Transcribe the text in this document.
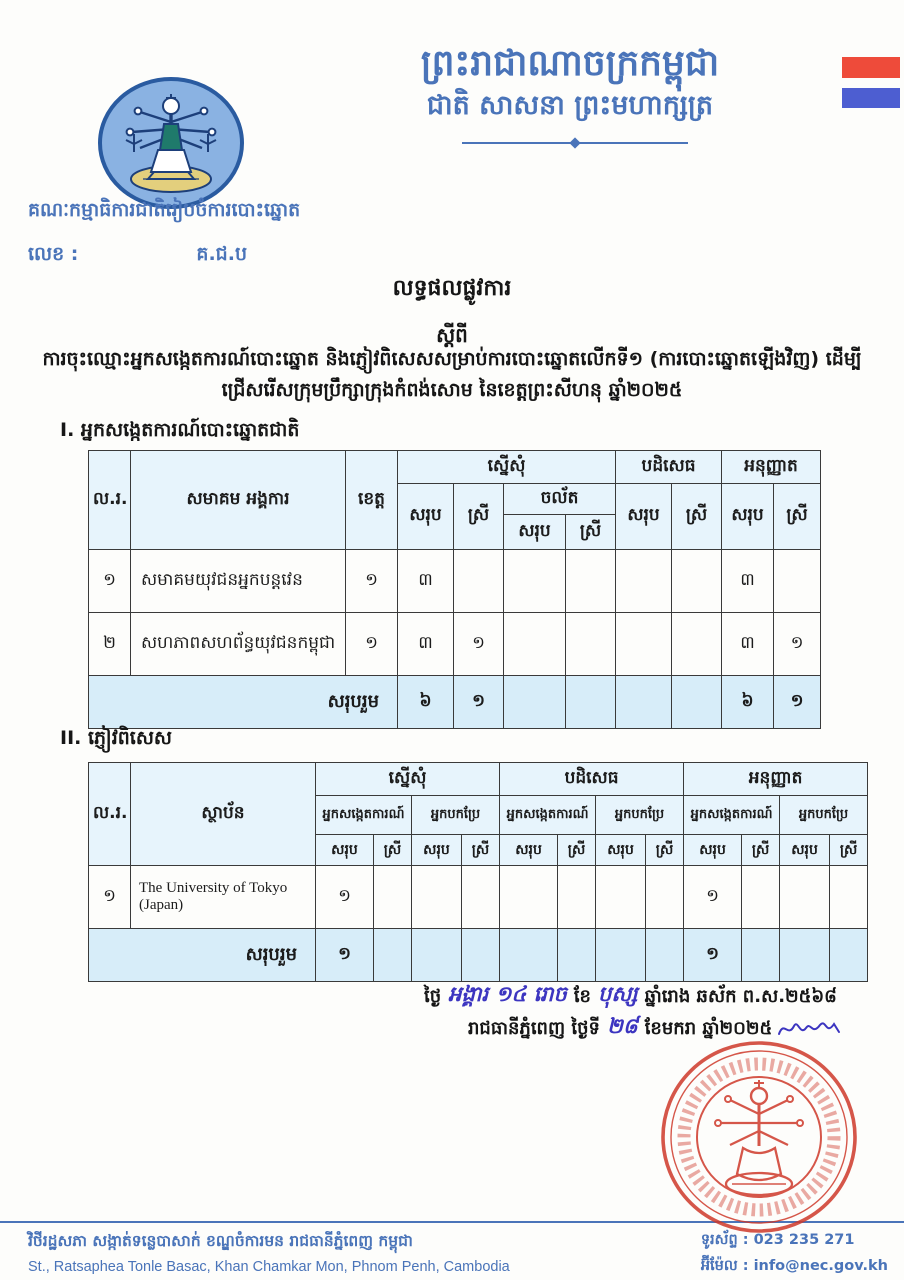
ព្រះរាជាណាចក្រកម្ពុជា
ជាតិ សាសនា ព្រះមហាក្សត្រ
គណៈកម្មាធិការជាតិរៀបចំការបោះឆ្នោត
លេខ :	គ.ជ.ប
លទ្ធផលផ្លូវការ
ស្តីពី
ការចុះឈ្មោះអ្នកសង្កេតការណ៍បោះឆ្នោត និងភ្ញៀវពិសេសសម្រាប់ការបោះឆ្នោតលើកទី១ (ការបោះឆ្នោតឡើងវិញ) ដើម្បីជ្រើសរើសក្រុមប្រឹក្សាក្រុងកំពង់សោម នៃខេត្តព្រះសីហនុ ឆ្នាំ២០២៥
I. អ្នកសង្កេតការណ៍បោះឆ្នោតជាតិ
ល.រ.	សមាគម អង្គការ	ខេត្ត	ស្នើសុំ				បដិសេធ		អនុញ្ញាត	
			សរុប	ស្រី	ចល័ត		សរុប	ស្រី	សរុប	ស្រី
					សរុប	ស្រី				
១	សមាគមយុវជនអ្នកបន្តវេន	១	៣						៣	
២	សហភាពសហព័ន្ធយុវជនកម្ពុជា	១	៣	១					៣	១
សរុបរួម			៦	១					៦	១
II. ភ្ញៀវពិសេស
ល.រ.	ស្ថាប័ន	ស្នើសុំ				បដិសេធ				អនុញ្ញាត			
		អ្នកសង្កេតការណ៍		អ្នកបកប្រែ		អ្នកសង្កេតការណ៍		អ្នកបកប្រែ		អ្នកសង្កេតការណ៍		អ្នកបកប្រែ	
		សរុប	ស្រី	សរុប	ស្រី	សរុប	ស្រី	សរុប	ស្រី	សរុប	ស្រី	សរុប	ស្រី
១	The University of Tokyo (Japan)	១								១			
សរុបរួម		១								១			
ថ្ងៃ អង្គារ ១៤ រោច ខែ បុស្ស ឆ្នាំរោង ឆស័ក ព.ស.២៥៦៨
រាជធានីភ្នំពេញ ថ្ងៃទី ២៨ ខែមករា ឆ្នាំ២០២៥
វិថីរដ្ឋសភា សង្កាត់ទន្លេបាសាក់ ខណ្ឌចំការមន រាជធានីភ្នំពេញ កម្ពុជា
St., Ratsaphea Tonle Basac, Khan Chamkar Mon, Phnom Penh, Cambodia
ទូរស័ព្ទ : 023 235 271
អ៊ីម៉ែល : info@nec.gov.kh
